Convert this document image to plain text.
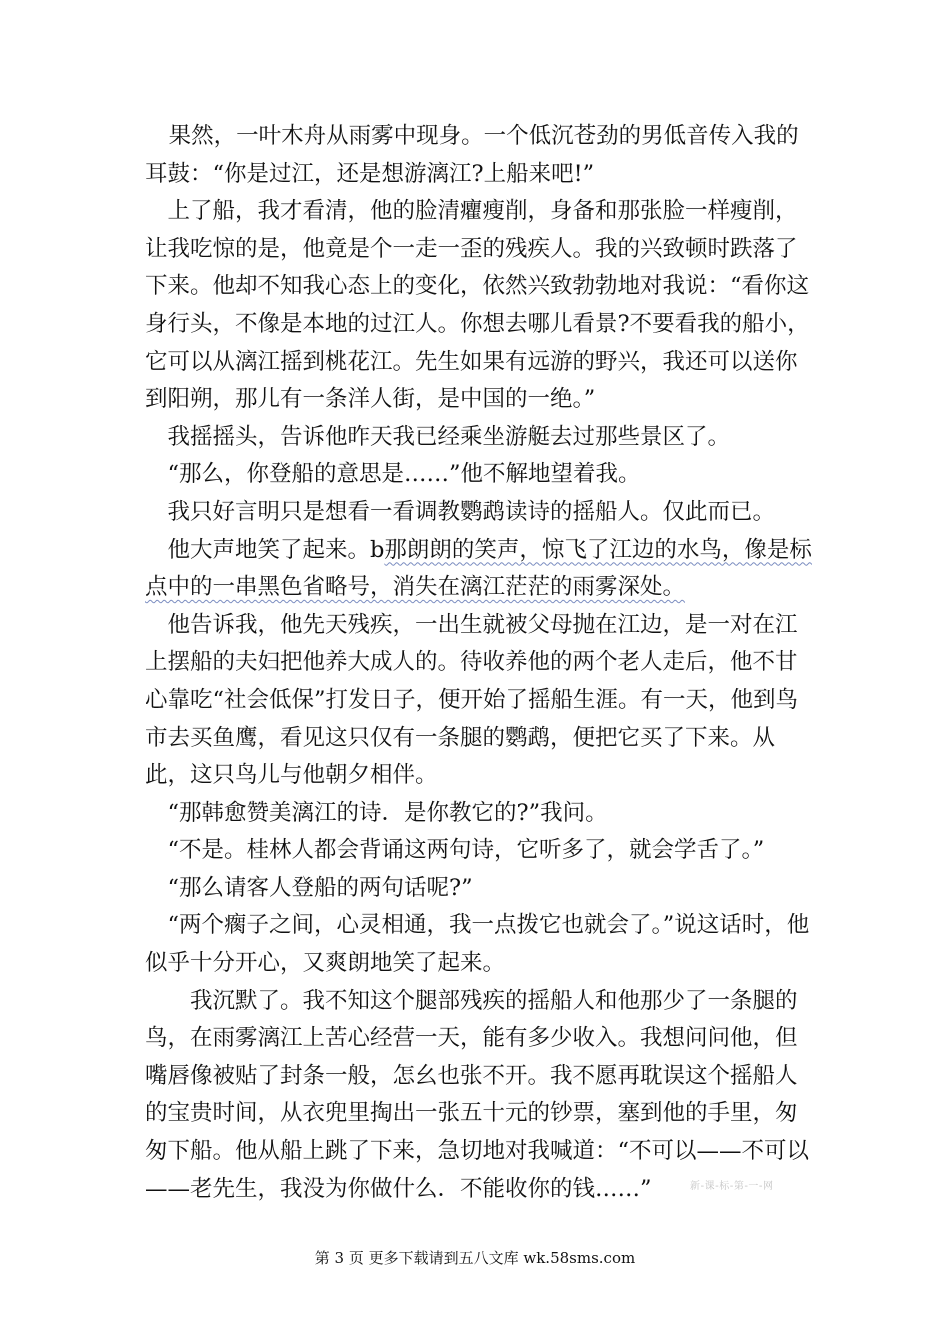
果然，一叶木舟从雨雾中现身。一个低沉苍劲的男低音传入我的耳鼓：“你是过江，还是想游漓江?上船来吧!”

上了船，我才看清，他的脸清癯瘦削，身备和那张脸一样瘦削，让我吃惊的是，他竟是个一走一歪的残疾人。我的兴致顿时跌落了下来。他却不知我心态上的变化，依然兴致勃勃地对我说：“看你这身行头，不像是本地的过江人。你想去哪儿看景?不要看我的船小，它可以从漓江摇到桃花江。先生如果有远游的野兴，我还可以送你到阳朔，那儿有一条洋人街，是中国的一绝。”

我摇摇头，告诉他昨天我已经乘坐游艇去过那些景区了。

“那么，你登船的意思是……”他不解地望着我。

我只好言明只是想看一看调教鹦鹉读诗的摇船人。仅此而已。

他大声地笑了起来。b那朗朗的笑声，惊飞了江边的水鸟，像是标点中的一串黑色省略号，消失在漓江茫茫的雨雾深处。

他告诉我，他先天残疾，一出生就被父母抛在江边，是一对在江上摆船的夫妇把他养大成人的。待收养他的两个老人走后，他不甘心靠吃“社会低保”打发日子，便开始了摇船生涯。有一天，他到鸟市去买鱼鹰，看见这只仅有一条腿的鹦鹉，便把它买了下来。从此，这只鸟儿与他朝夕相伴。

“那韩愈赞美漓江的诗．是你教它的?”我问。

“不是。桂林人都会背诵这两句诗，它听多了，就会学舌了。”

“那么请客人登船的两句话呢?”

“两个瘸子之间，心灵相通，我一点拨它也就会了。”说这话时，他似乎十分开心，又爽朗地笑了起来。

我沉默了。我不知这个腿部残疾的摇船人和他那少了一条腿的鸟，在雨雾漓江上苦心经营一天，能有多少收入。我想问问他，但嘴唇像被贴了封条一般，怎幺也张不开。我不愿再耽误这个摇船人的宝贵时间，从衣兜里掏出一张五十元的钞票，塞到他的手里，匆匆下船。他从船上跳了下来，急切地对我喊道：“不可以——不可以——老先生，我没为你做什么．不能收你的钱……”	新-课-标-第-一-网
第 3 页 更多下载请到五八文库 wk.58sms.com
